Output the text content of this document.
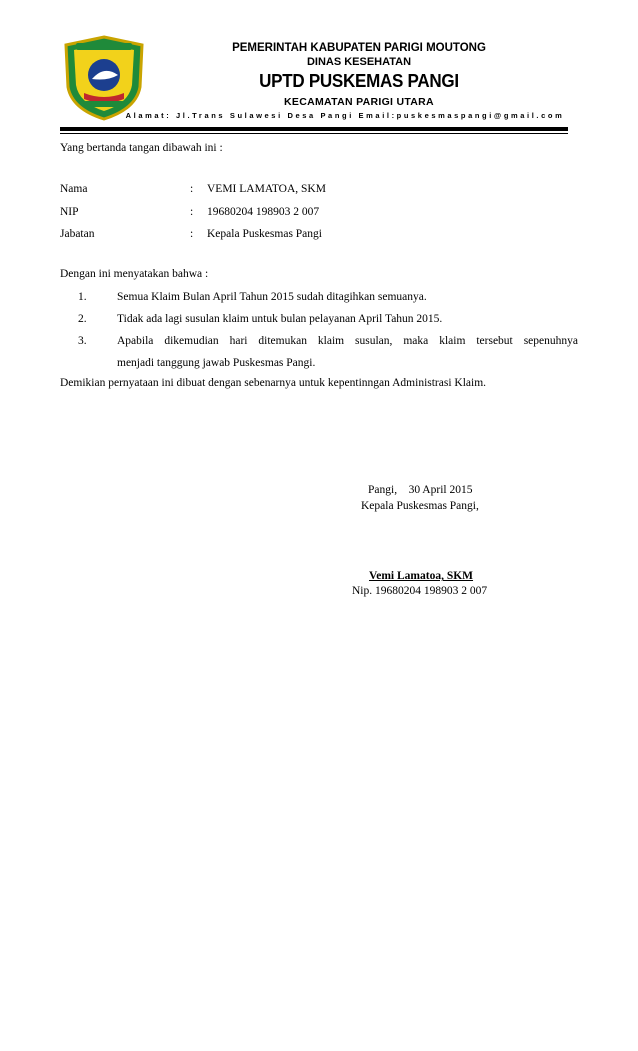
PEMERINTAH KABUPATEN PARIGI MOUTONG
DINAS KESEHATAN
UPTD PUSKEMAS PANGI
KECAMATAN PARIGI UTARA
Alamat: Jl.Trans Sulawesi Desa Pangi Email:puskesmaspangi@gmail.com
Yang bertanda tangan dibawah ini :
Nama	: VEMI LAMATOA, SKM
NIP	: 19680204 198903 2 007
Jabatan	: Kepala Puskesmas Pangi
Dengan ini menyatakan bahwa :
1.	Semua Klaim Bulan April Tahun 2015 sudah ditagihkan semuanya.
2.	Tidak ada lagi susulan klaim untuk bulan pelayanan April Tahun 2015.
3.	Apabila dikemudian hari ditemukan klaim susulan, maka klaim tersebut sepenuhnya
menjadi tanggung jawab Puskesmas Pangi.
Demikian pernyataan ini dibuat dengan sebenarnya untuk kepentinngan Administrasi Klaim.
Pangi,    30 April 2015
Kepala Puskesmas Pangi,
Vemi Lamatoa, SKM
Nip. 19680204 198903 2 007
